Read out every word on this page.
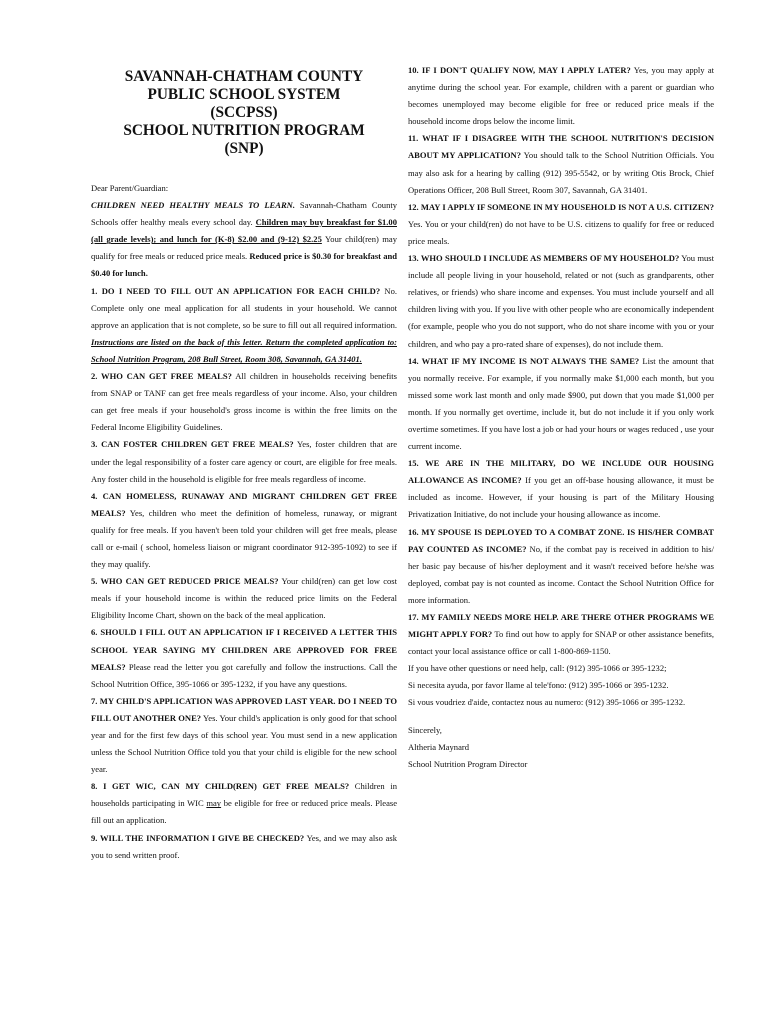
SAVANNAH-CHATHAM COUNTY
PUBLIC SCHOOL SYSTEM
(SCCPSS)
SCHOOL NUTRITION PROGRAM
(SNP)

Dear Parent/Guardian:

CHILDREN NEED HEALTHY MEALS TO LEARN. Savannah-Chatham County Schools offer healthy meals every school day. Children may buy breakfast for $1.00 (all grade levels); and lunch for (K-8) $2.00 and (9-12) $2.25 Your child(ren) may qualify for free meals or reduced price meals. Reduced price is $0.30 for breakfast and $0.40 for lunch.

1. DO I NEED TO FILL OUT AN APPLICATION FOR EACH CHILD? No. Complete only one meal application for all students in your household. We cannot approve an application that is not complete, so be sure to fill out all required information. Instructions are listed on the back of this letter. Return the completed application to: School Nutrition Program, 208 Bull Street, Room 308, Savannah, GA 31401.

2. WHO CAN GET FREE MEALS? All children in households receiving benefits from SNAP or TANF can get free meals regardless of your income. Also, your children can get free meals if your household's gross income is within the free limits on the Federal Income Eligibility Guidelines.

3. CAN FOSTER CHILDREN GET FREE MEALS? Yes, foster children that are under the legal responsibility of a foster care agency or court, are eligible for free meals. Any foster child in the household is eligible for free meals regardless of income.

4. CAN HOMELESS, RUNAWAY AND MIGRANT CHILDREN GET FREE MEALS? Yes, children who meet the definition of homeless, runaway, or migrant qualify for free meals. If you haven't been told your children will get free meals, please call or e-mail ( school, homeless liaison or migrant coordinator 912-395-1092) to see if they may qualify.

5. WHO CAN GET REDUCED PRICE MEALS? Your child(ren) can get low cost meals if your household income is within the reduced price limits on the Federal Eligibility Income Chart, shown on the back of the meal application.

6. SHOULD I FILL OUT AN APPLICATION IF I RECEIVED A LETTER THIS SCHOOL YEAR SAYING MY CHILDREN ARE APPROVED FOR FREE MEALS? Please read the letter you got carefully and follow the instructions. Call the School Nutrition Office, 395-1066 or 395-1232, if you have any questions.

7. MY CHILD'S APPLICATION WAS APPROVED LAST YEAR. DO I NEED TO FILL OUT ANOTHER ONE? Yes. Your child's application is only good for that school year and for the first few days of this school year. You must send in a new application unless the School Nutrition Office told you that your child is eligible for the new school year.

8. I GET WIC, CAN MY CHILD(REN) GET FREE MEALS? Children in households participating in WIC may be eligible for free or reduced price meals. Please fill out an application.

9. WILL THE INFORMATION I GIVE BE CHECKED? Yes, and we may also ask you to send written proof.

10. IF I DON'T QUALIFY NOW, MAY I APPLY LATER? Yes, you may apply at anytime during the school year. For example, children with a parent or guardian who becomes unemployed may become eligible for free or reduced price meals if the household income drops below the income limit.

11. WHAT IF I DISAGREE WITH THE SCHOOL NUTRITION'S DECISION ABOUT MY APPLICATION? You should talk to the School Nutrition Officials. You may also ask for a hearing by calling (912) 395-5542, or by writing Otis Brock, Chief Operations Officer, 208 Bull Street, Room 307, Savannah, GA 31401.

12. MAY I APPLY IF SOMEONE IN MY HOUSEHOLD IS NOT A U.S. CITIZEN? Yes. You or your child(ren) do not have to be U.S. citizens to qualify for free or reduced price meals.

13. WHO SHOULD I INCLUDE AS MEMBERS OF MY HOUSEHOLD? You must include all people living in your household, related or not (such as grandparents, other relatives, or friends) who share income and expenses. You must include yourself and all children living with you. If you live with other people who are economically independent (for example, people who you do not support, who do not share income with you or your children, and who pay a pro-rated share of expenses), do not include them.

14. WHAT IF MY INCOME IS NOT ALWAYS THE SAME? List the amount that you normally receive. For example, if you normally make $1,000 each month, but you missed some work last month and only made $900, put down that you made $1,000 per month. If you normally get overtime, include it, but do not include it if you only work overtime sometimes. If you have lost a job or had your hours or wages reduced , use your current income.

15. WE ARE IN THE MILITARY, DO WE INCLUDE OUR HOUSING ALLOWANCE AS INCOME? If you get an off-base housing allowance, it must be included as income. However, if your housing is part of the Military Housing Privatization Initiative, do not include your housing allowance as income.

16. MY SPOUSE IS DEPLOYED TO A COMBAT ZONE. IS HIS/HER COMBAT PAY COUNTED AS INCOME? No, if the combat pay is received in addition to his/ her basic pay because of his/her deployment and it wasn't received before he/she was deployed, combat pay is not counted as income. Contact the School Nutrition Office for more information.

17. MY FAMILY NEEDS MORE HELP. ARE THERE OTHER PROGRAMS WE MIGHT APPLY FOR? To find out how to apply for SNAP or other assistance benefits, contact your local assistance office or call 1-800-869-1150.

If you have other questions or need help, call: (912) 395-1066 or 395-1232;

Si necesita ayuda, por favor llame al tele'fono: (912) 395-1066 or 395-1232.

Si vous voudriez d'aide, contactez nous au numero: (912) 395-1066 or 395-1232.

Sincerely,

Altheria Maynard

School Nutrition Program Director
